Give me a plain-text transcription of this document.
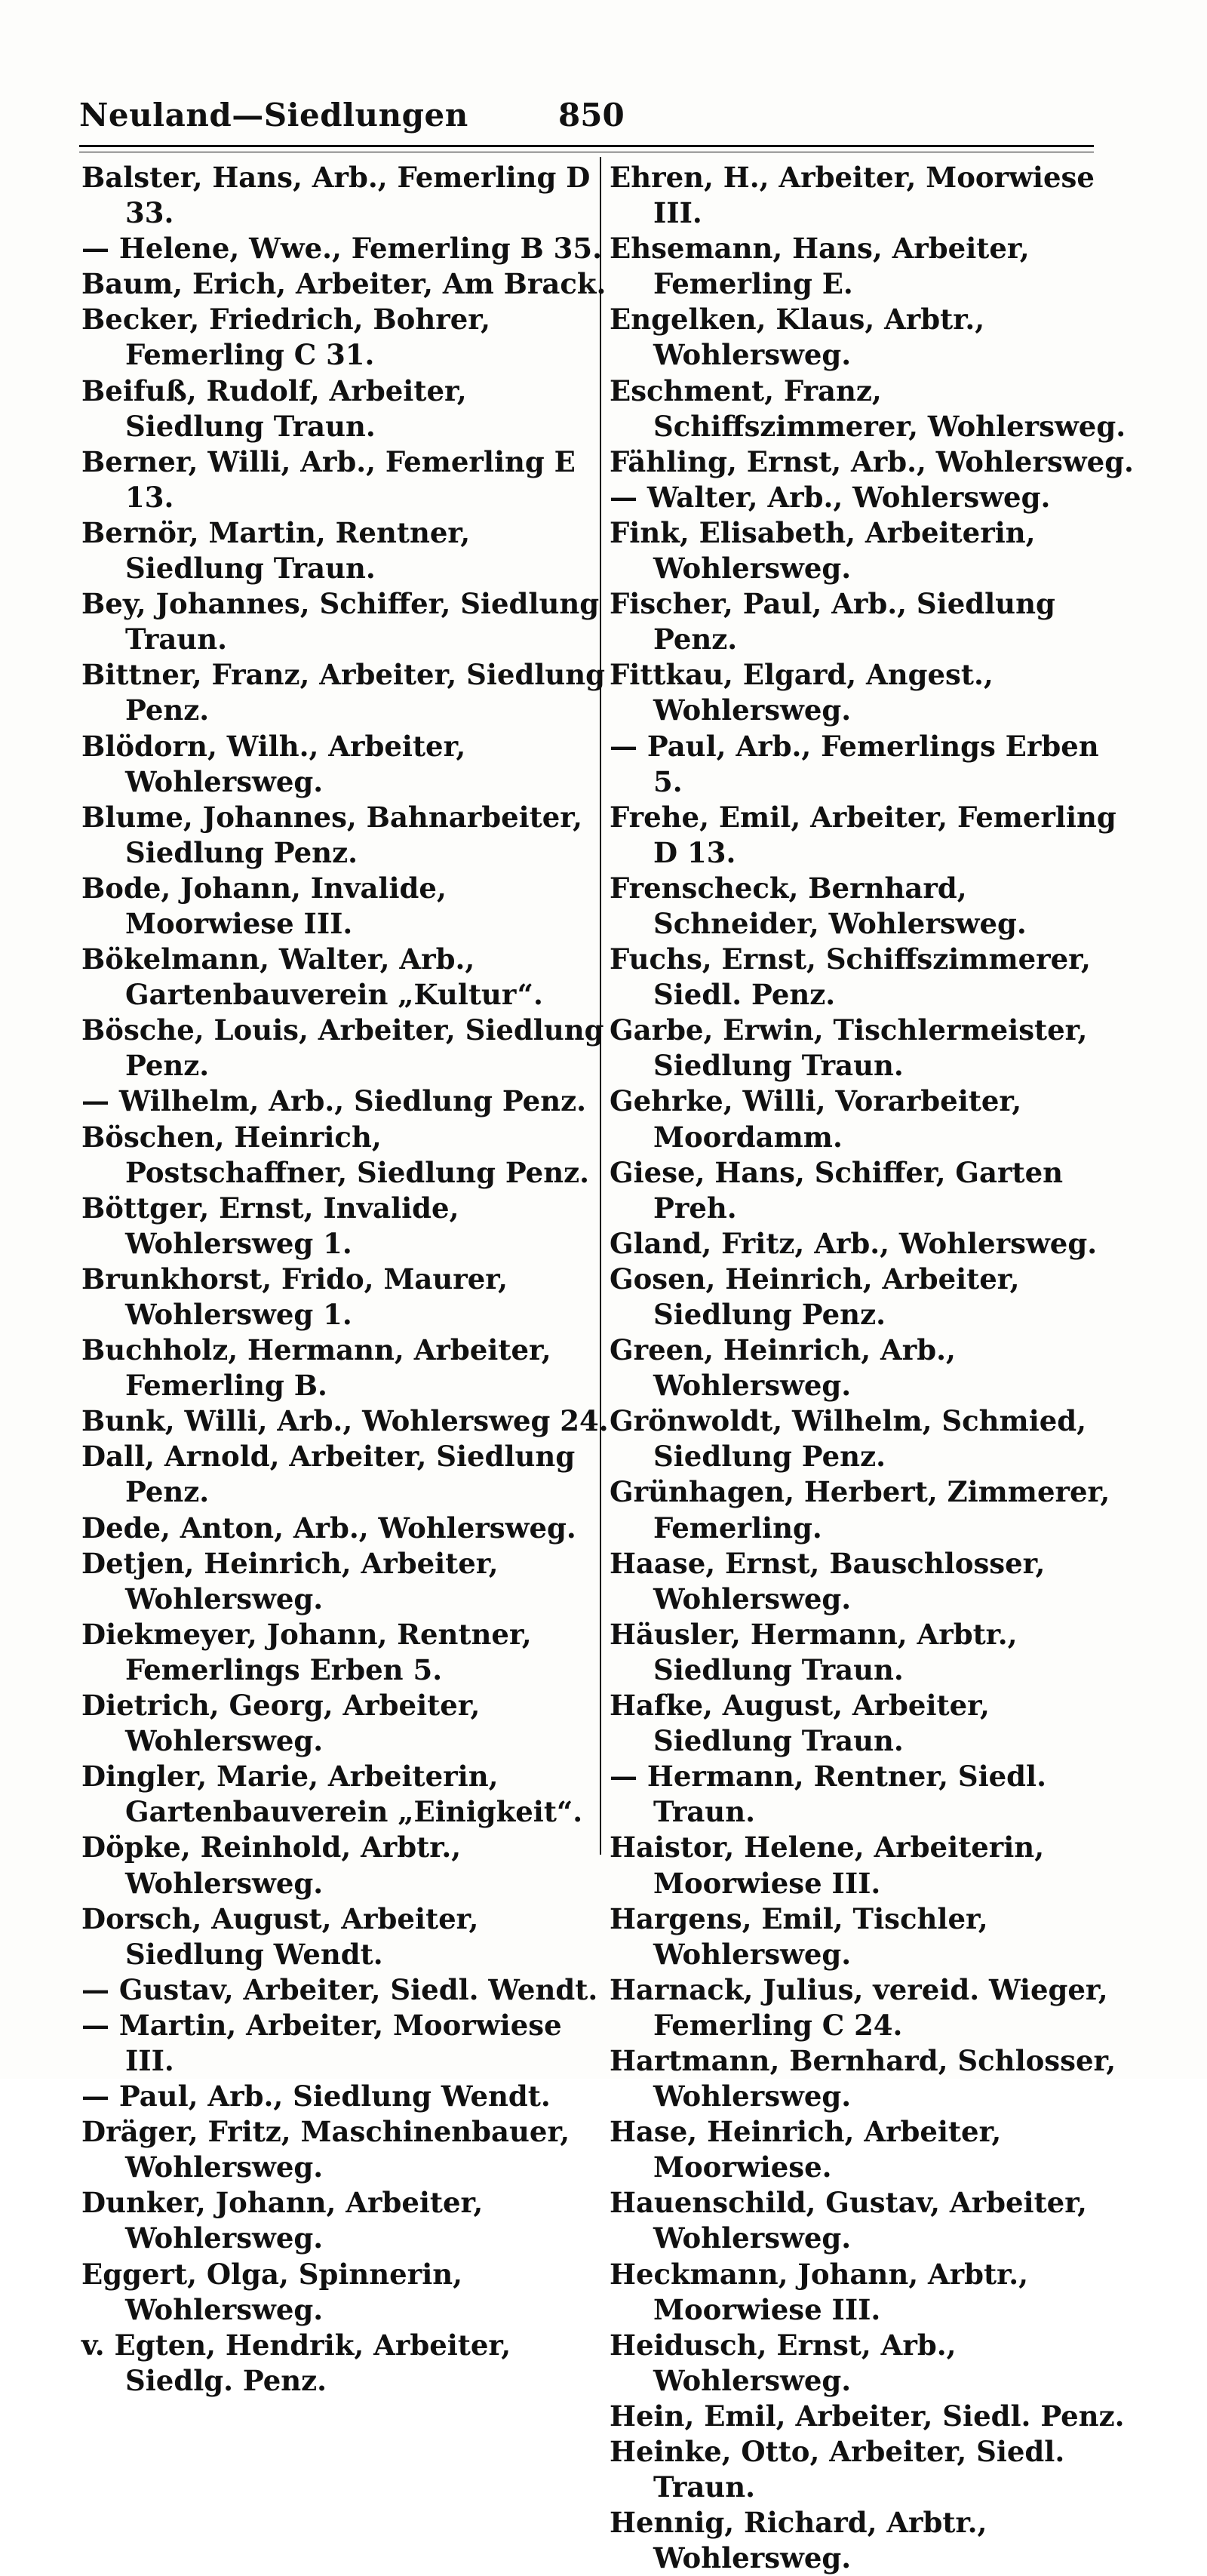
Neuland—Siedlungen	850
Balster, Hans, Arb., Femerling D 33.
— Helene, Wwe., Femerling B 35.
Baum, Erich, Arbeiter, Am Brack.
Becker, Friedrich, Bohrer, Femerling C 31.
Beifuß, Rudolf, Arbeiter, Siedlung Traun.
Berner, Willi, Arb., Femerling E 13.
Bernör, Martin, Rentner, Siedlung Traun.
Bey, Johannes, Schiffer, Siedlung Traun.
Bittner, Franz, Arbeiter, Siedlung Penz.
Blödorn, Wilh., Arbeiter, Wohlersweg.
Blume, Johannes, Bahnarbeiter, Siedlung Penz.
Bode, Johann, Invalide, Moorwiese III.
Bökelmann, Walter, Arb., Gartenbauverein „Kultur“.
Bösche, Louis, Arbeiter, Siedlung Penz.
— Wilhelm, Arb., Siedlung Penz.
Böschen, Heinrich, Postschaffner, Siedlung Penz.
Böttger, Ernst, Invalide, Wohlersweg 1.
Brunkhorst, Frido, Maurer, Wohlersweg 1.
Buchholz, Hermann, Arbeiter, Femerling B.
Bunk, Willi, Arb., Wohlersweg 24.
Dall, Arnold, Arbeiter, Siedlung Penz.
Dede, Anton, Arb., Wohlersweg.
Detjen, Heinrich, Arbeiter, Wohlersweg.
Diekmeyer, Johann, Rentner, Femerlings Erben 5.
Dietrich, Georg, Arbeiter, Wohlersweg.
Dingler, Marie, Arbeiterin, Gartenbauverein „Einigkeit“.
Döpke, Reinhold, Arbtr., Wohlersweg.
Dorsch, August, Arbeiter, Siedlung Wendt.
— Gustav, Arbeiter, Siedl. Wendt.
— Martin, Arbeiter, Moorwiese III.
— Paul, Arb., Siedlung Wendt.
Dräger, Fritz, Maschinenbauer, Wohlersweg.
Dunker, Johann, Arbeiter, Wohlersweg.
Eggert, Olga, Spinnerin, Wohlersweg.
v. Egten, Hendrik, Arbeiter, Siedlg. Penz.
Ehren, H., Arbeiter, Moorwiese III.
Ehsemann, Hans, Arbeiter, Femerling E.
Engelken, Klaus, Arbtr., Wohlersweg.
Eschment, Franz, Schiffszimmerer, Wohlersweg.
Fähling, Ernst, Arb., Wohlersweg.
— Walter, Arb., Wohlersweg.
Fink, Elisabeth, Arbeiterin, Wohlersweg.
Fischer, Paul, Arb., Siedlung Penz.
Fittkau, Elgard, Angest., Wohlersweg.
— Paul, Arb., Femerlings Erben 5.
Frehe, Emil, Arbeiter, Femerling D 13.
Frenscheck, Bernhard, Schneider, Wohlersweg.
Fuchs, Ernst, Schiffszimmerer, Siedl. Penz.
Garbe, Erwin, Tischlermeister, Siedlung Traun.
Gehrke, Willi, Vorarbeiter, Moordamm.
Giese, Hans, Schiffer, Garten Preh.
Gland, Fritz, Arb., Wohlersweg.
Gosen, Heinrich, Arbeiter, Siedlung Penz.
Green, Heinrich, Arb., Wohlersweg.
Grönwoldt, Wilhelm, Schmied, Siedlung Penz.
Grünhagen, Herbert, Zimmerer, Femerling.
Haase, Ernst, Bauschlosser, Wohlersweg.
Häusler, Hermann, Arbtr., Siedlung Traun.
Hafke, August, Arbeiter, Siedlung Traun.
— Hermann, Rentner, Siedl. Traun.
Haistor, Helene, Arbeiterin, Moorwiese III.
Hargens, Emil, Tischler, Wohlersweg.
Harnack, Julius, vereid. Wieger, Femerling C 24.
Hartmann, Bernhard, Schlosser, Wohlersweg.
Hase, Heinrich, Arbeiter, Moorwiese.
Hauenschild, Gustav, Arbeiter, Wohlersweg.
Heckmann, Johann, Arbtr., Moorwiese III.
Heidusch, Ernst, Arb., Wohlersweg.
Hein, Emil, Arbeiter, Siedl. Penz.
Heinke, Otto, Arbeiter, Siedl. Traun.
Hennig, Richard, Arbtr., Wohlersweg.
